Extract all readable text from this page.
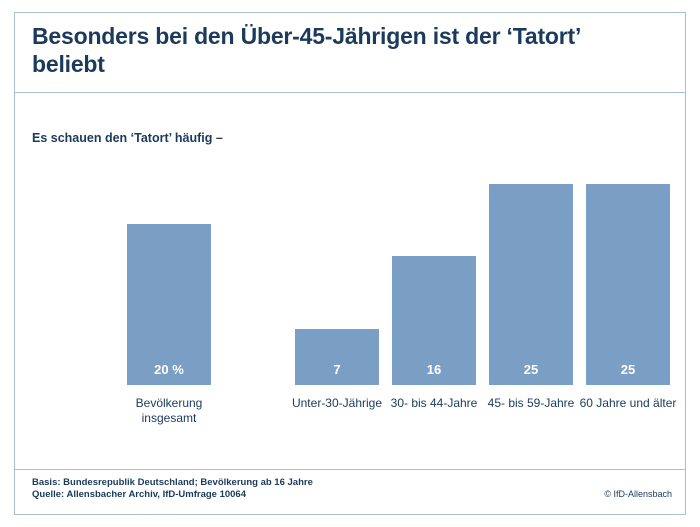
Besonders bei den Über-45-Jährigen ist der ‘Tatort’ beliebt
Es schauen den ‘Tatort’ häufig –
20 %	7	16	25	25
Bevölkerung insgesamt
Unter-30-Jährige 30- bis 44-Jahre 45- bis 59-Jahre 60 Jahre und älter
Basis: Bundesrepublik Deutschland; Bevölkerung ab 16 Jahre
Quelle: Allensbacher Archiv, IfD-Umfrage 10064	© IfD-Allensbach
